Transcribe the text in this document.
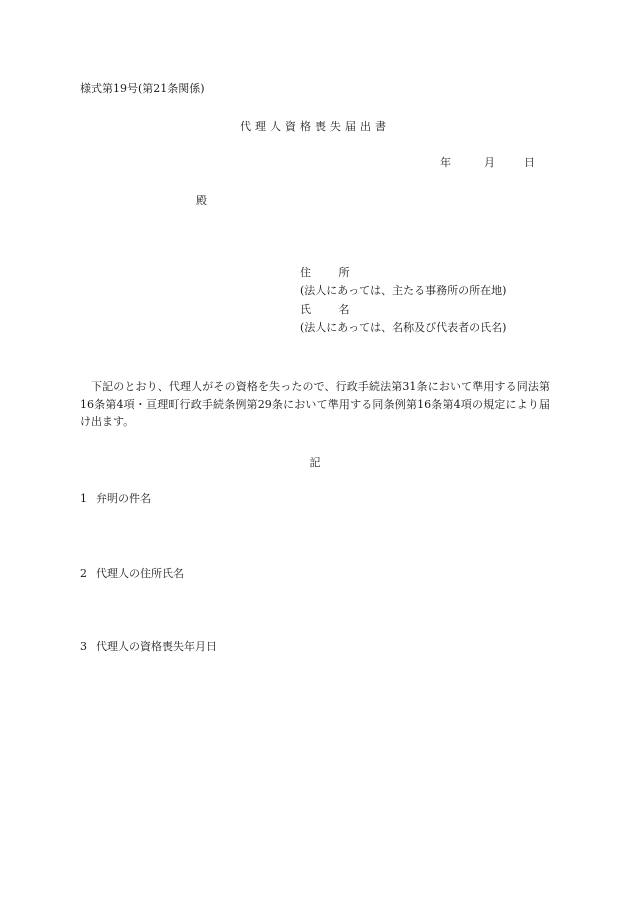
様式第19号(第21条関係)
代理人資格喪失届出書
年	月	日
殿
住 所
(法人にあっては、主たる事務所の所在地)
氏 名
(法人にあっては、名称及び代表者の氏名)
下記のとおり、代理人がその資格を失ったので、行政手続法第31条において準用する同法第16条第4項・亘理町行政手続条例第29条において準用する同条例第16条第4項の規定により届け出ます。
記
1 弁明の件名
2 代理人の住所氏名
3 代理人の資格喪失年月日
